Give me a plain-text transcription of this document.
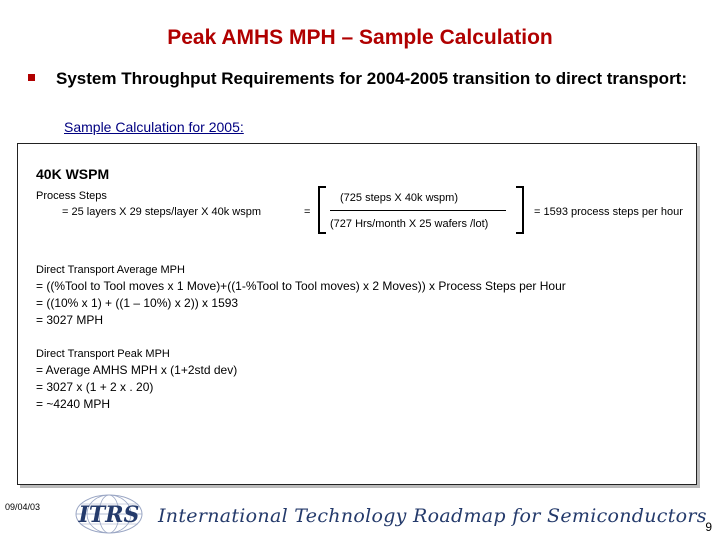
Peak AMHS MPH – Sample Calculation
System Throughput Requirements for 2004-2005 transition to direct transport:
Sample Calculation for 2005:
40K WSPM
Process Steps
= 25 layers X 29 steps/layer X 40k wspm	=
(725 steps X 40k wspm)
(727 Hrs/month X 25 wafers /lot)
= 1593 process steps per hour
Direct Transport Average MPH
= ((%Tool to Tool moves x 1 Move)+((1-%Tool to Tool moves) x 2 Moves)) x Process Steps per Hour
= ((10% x 1) + ((1 – 10%) x 2)) x 1593
= 3027 MPH
Direct Transport Peak MPH
= Average AMHS MPH x (1+2std dev)
= 3027 x (1 + 2 x . 20)
= ~4240 MPH
09/04/03 ITRS International Technology Roadmap for Semiconductors
9
